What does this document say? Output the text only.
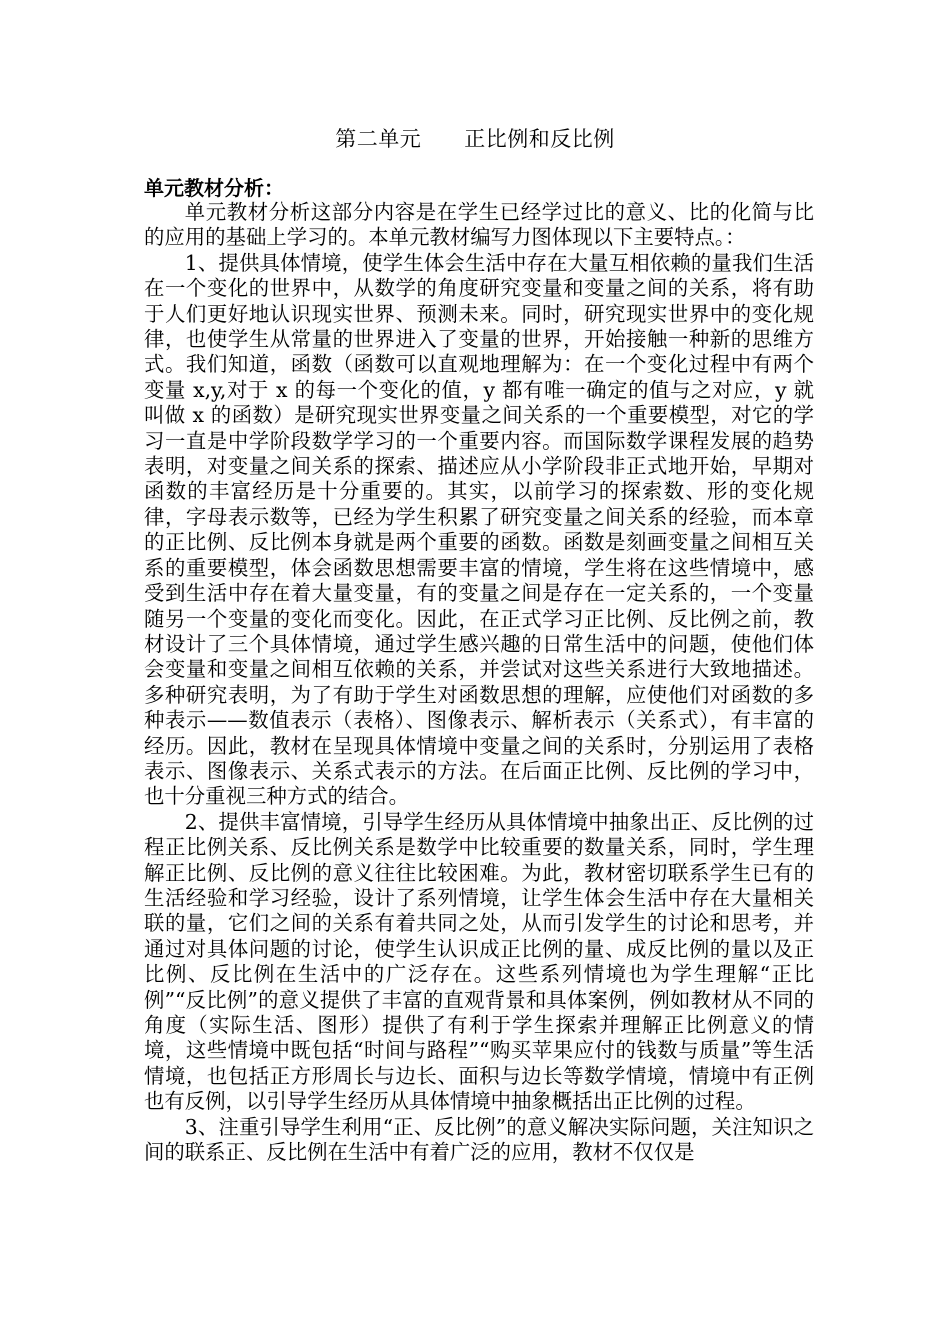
第二单元      正比例和反比例
单元教材分析：

单元教材分析这部分内容是在学生已经学过比的意义、比的化简与比的应用的基础上学习的。本单元教材编写力图体现以下主要特点。：

1、提供具体情境，使学生体会生活中存在大量互相依赖的量我们生活在一个变化的世界中，从数学的角度研究变量和变量之间的关系，将有助于人们更好地认识现实世界、预测未来。同时，研究现实世界中的变化规律，也使学生从常量的世界进入了变量的世界，开始接触一种新的思维方式。我们知道，函数（函数可以直观地理解为：在一个变化过程中有两个变量 x,y,对于 x 的每一个变化的值，y 都有唯一确定的值与之对应，y 就叫做 x 的函数）是研究现实世界变量之间关系的一个重要模型，对它的学习一直是中学阶段数学学习的一个重要内容。而国际数学课程发展的趋势表明，对变量之间关系的探索、描述应从小学阶段非正式地开始，早期对函数的丰富经历是十分重要的。其实，以前学习的探索数、形的变化规律，字母表示数等，已经为学生积累了研究变量之间关系的经验，而本章的正比例、反比例本身就是两个重要的函数。函数是刻画变量之间相互关系的重要模型，体会函数思想需要丰富的情境，学生将在这些情境中，感受到生活中存在着大量变量，有的变量之间是存在一定关系的，一个变量随另一个变量的变化而变化。因此，在正式学习正比例、反比例之前，教材设计了三个具体情境，通过学生感兴趣的日常生活中的问题，使他们体会变量和变量之间相互依赖的关系，并尝试对这些关系进行大致地描述。多种研究表明，为了有助于学生对函数思想的理解，应使他们对函数的多种表示——数值表示（表格）、图像表示、解析表示（关系式），有丰富的经历。因此，教材在呈现具体情境中变量之间的关系时，分别运用了表格表示、图像表示、关系式表示的方法。在后面正比例、反比例的学习中，也十分重视三种方式的结合。

2、提供丰富情境，引导学生经历从具体情境中抽象出正、反比例的过程正比例关系、反比例关系是数学中比较重要的数量关系，同时，学生理解正比例、反比例的意义往往比较困难。为此，教材密切联系学生已有的生活经验和学习经验，设计了系列情境，让学生体会生活中存在大量相关联的量，它们之间的关系有着共同之处，从而引发学生的讨论和思考，并通过对具体问题的讨论，使学生认识成正比例的量、成反比例的量以及正比例、反比例在生活中的广泛存在。这些系列情境也为学生理解“正比例”“反比例”的意义提供了丰富的直观背景和具体案例，例如教材从不同的角度（实际生活、图形）提供了有利于学生探索并理解正比例意义的情境，这些情境中既包括“时间与路程”“购买苹果应付的钱数与质量”等生活情境，也包括正方形周长与边长、面积与边长等数学情境，情境中有正例也有反例，以引导学生经历从具体情境中抽象概括出正比例的过程。

3、注重引导学生利用“正、反比例”的意义解决实际问题，关注知识之间的联系正、反比例在生活中有着广泛的应用，教材不仅仅是
